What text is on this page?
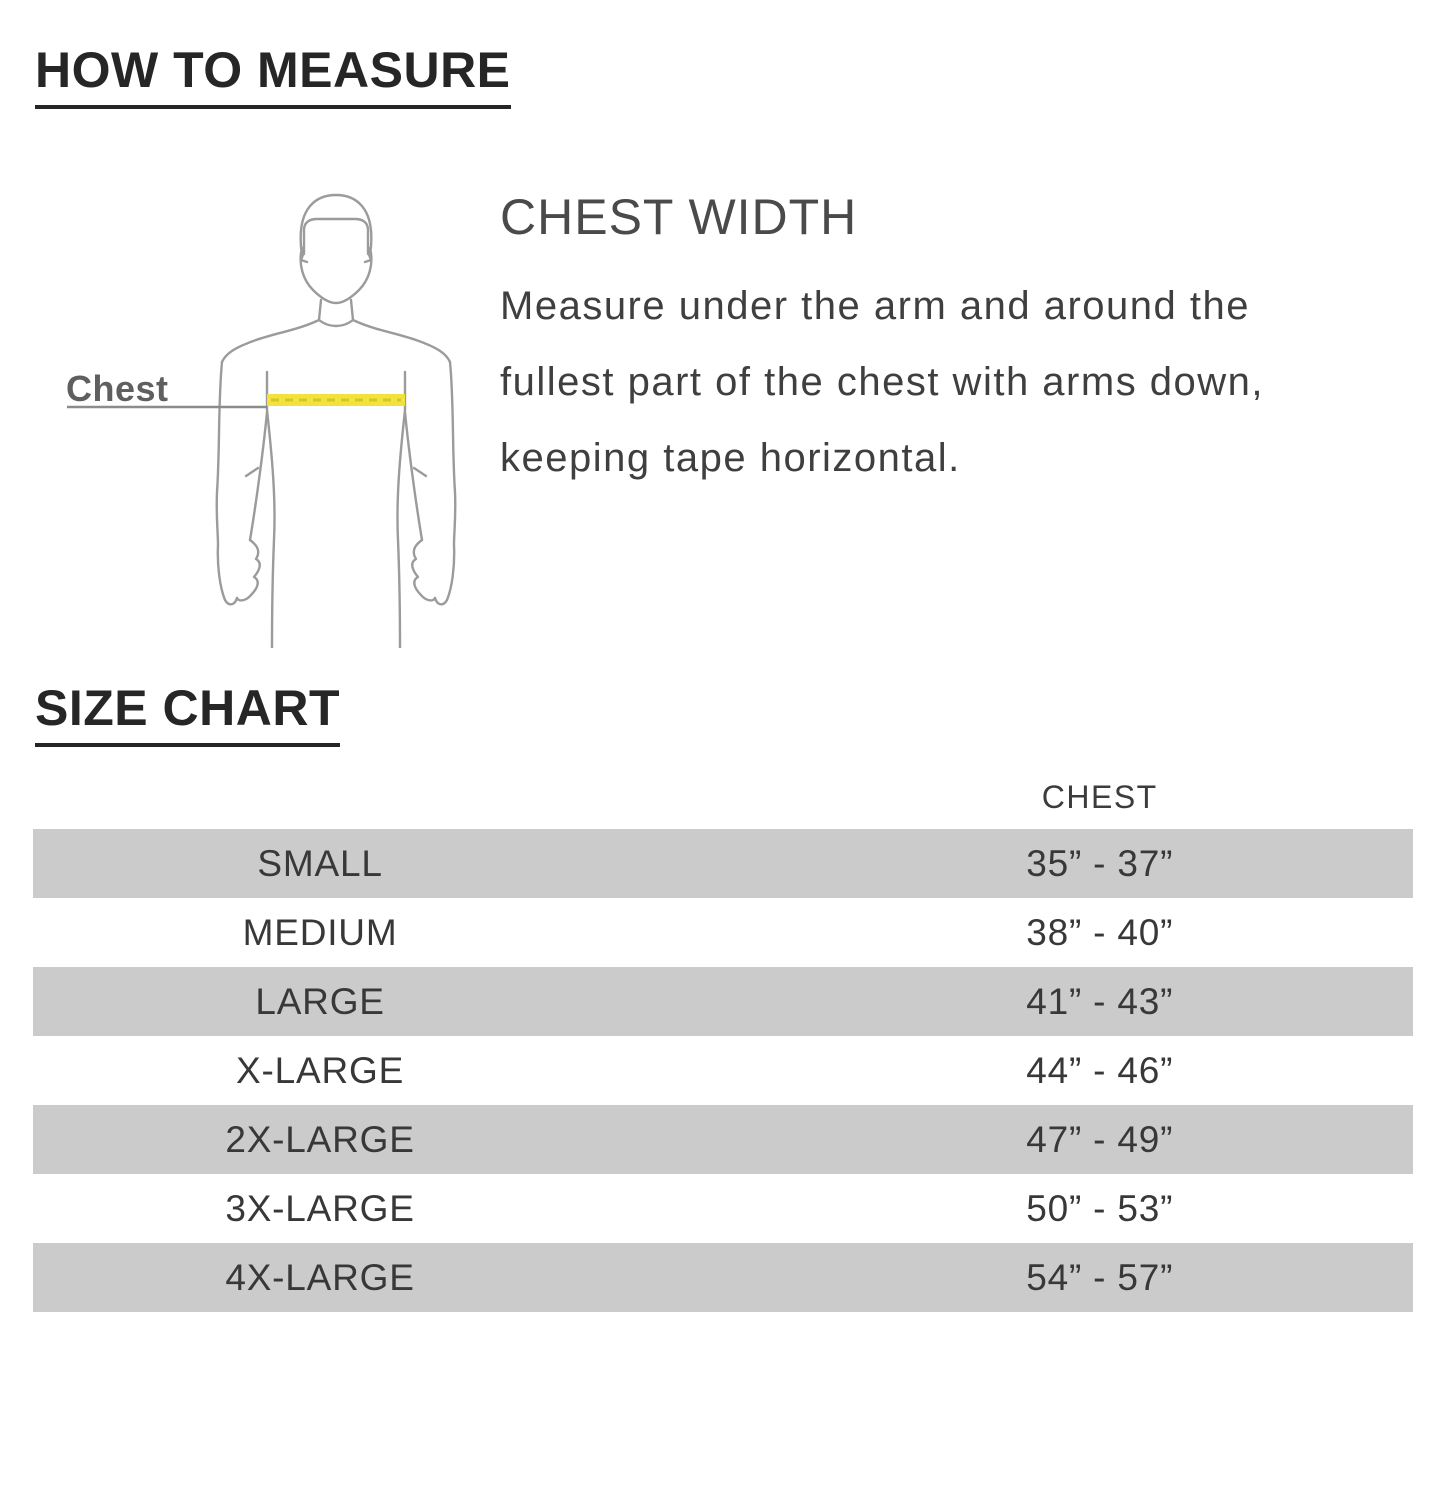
HOW TO MEASURE
Chest
CHEST WIDTH
Measure under the arm and around the
fullest part of the chest with arms down,
keeping tape horizontal.
SIZE CHART
CHEST
SMALL	35” - 37”
MEDIUM	38” - 40”
LARGE	41” - 43”
X-LARGE	44” - 46”
2X-LARGE	47” - 49”
3X-LARGE	50” - 53”
4X-LARGE	54” - 57”
